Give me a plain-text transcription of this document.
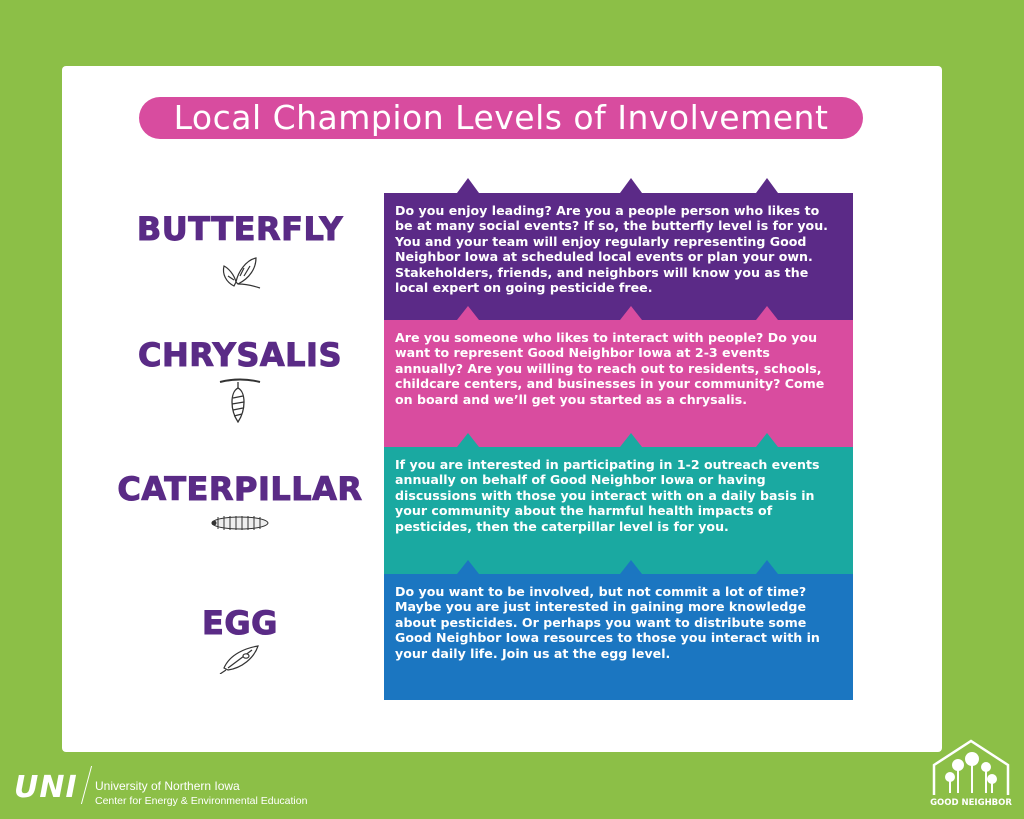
Local Champion Levels of Involvement
BUTTERFLY
CHRYSALIS
CATERPILLAR
EGG

Do you enjoy leading? Are you a people person who likes to be at many social events? If so, the butterfly level is for you. You and your team will enjoy regularly representing Good Neighbor Iowa at scheduled local events or plan your own. Stakeholders, friends, and neighbors will know you as the local expert on going pesticide free.

Are you someone who likes to interact with people? Do you want to represent Good Neighbor Iowa at 2-3 events annually? Are you willing to reach out to residents, schools, childcare centers, and businesses in your community? Come on board and we’ll get you started as a chrysalis.

If you are interested in participating in 1-2 outreach events annually on behalf of Good Neighbor Iowa or having discussions with those you interact with on a daily basis in your community about the harmful health impacts of pesticides, then the caterpillar level is for you.

Do you want to be involved, but not commit a lot of time? Maybe you are just interested in gaining more knowledge about pesticides. Or perhaps you want to distribute some Good Neighbor Iowa resources to those you interact with in your daily life. Join us at the egg level.

UNI University of Northern Iowa
Center for Energy & Environmental Education	GOOD NEIGHBOR
